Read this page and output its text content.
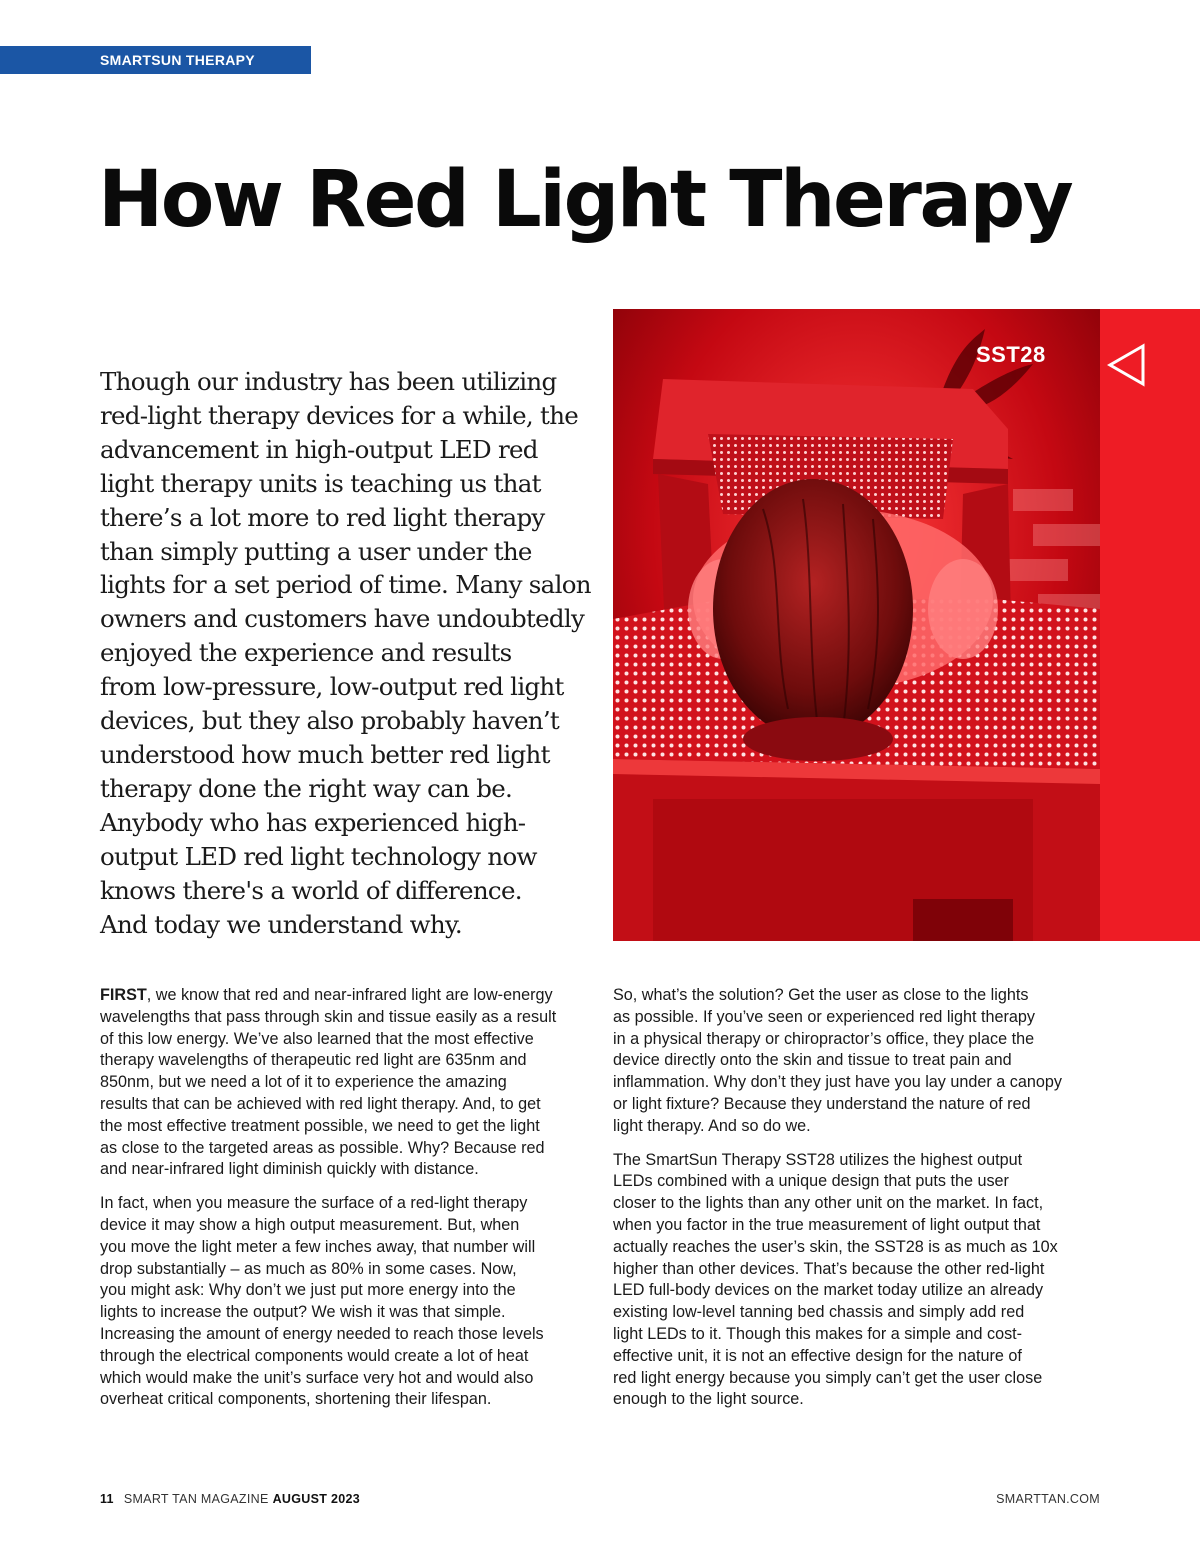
SMARTSUN THERAPY
How Red Light Therapy
Though our industry has been utilizing
red-light therapy devices for a while, the
advancement in high-output LED red
light therapy units is teaching us that
there’s a lot more to red light therapy
than simply putting a user under the
lights for a set period of time. Many salon
owners and customers have undoubtedly
enjoyed the experience and results
from low-pressure, low-output red light
devices, but they also probably haven’t
understood how much better red light
therapy done the right way can be.
Anybody who has experienced high-
output LED red light technology now
knows there's a world of difference.
And today we understand why.
SST28

FIRST, we know that red and near-infrared light are low-energy
wavelengths that pass through skin and tissue easily as a result
of this low energy. We’ve also learned that the most effective
therapy wavelengths of therapeutic red light are 635nm and
850nm, but we need a lot of it to experience the amazing
results that can be achieved with red light therapy. And, to get
the most effective treatment possible, we need to get the light
as close to the targeted areas as possible. Why? Because red
and near-infrared light diminish quickly with distance.

In fact, when you measure the surface of a red-light therapy
device it may show a high output measurement. But, when
you move the light meter a few inches away, that number will
drop substantially – as much as 80% in some cases. Now,
you might ask: Why don’t we just put more energy into the
lights to increase the output? We wish it was that simple.
Increasing the amount of energy needed to reach those levels
through the electrical components would create a lot of heat
which would make the unit’s surface very hot and would also
overheat critical components, shortening their lifespan.

So, what’s the solution? Get the user as close to the lights
as possible. If you’ve seen or experienced red light therapy
in a physical therapy or chiropractor’s office, they place the
device directly onto the skin and tissue to treat pain and
inflammation. Why don’t they just have you lay under a canopy
or light fixture? Because they understand the nature of red
light therapy. And so do we.

The SmartSun Therapy SST28 utilizes the highest output
LEDs combined with a unique design that puts the user
closer to the lights than any other unit on the market. In fact,
when you factor in the true measurement of light output that
actually reaches the user’s skin, the SST28 is as much as 10x
higher than other devices. That’s because the other red-light
LED full-body devices on the market today utilize an already
existing low-level tanning bed chassis and simply add red
light LEDs to it. Though this makes for a simple and cost-
effective unit, it is not an effective design for the nature of
red light energy because you simply can’t get the user close
enough to the light source.

11 SMART TAN MAGAZINE AUGUST 2023	SMARTTAN.COM
